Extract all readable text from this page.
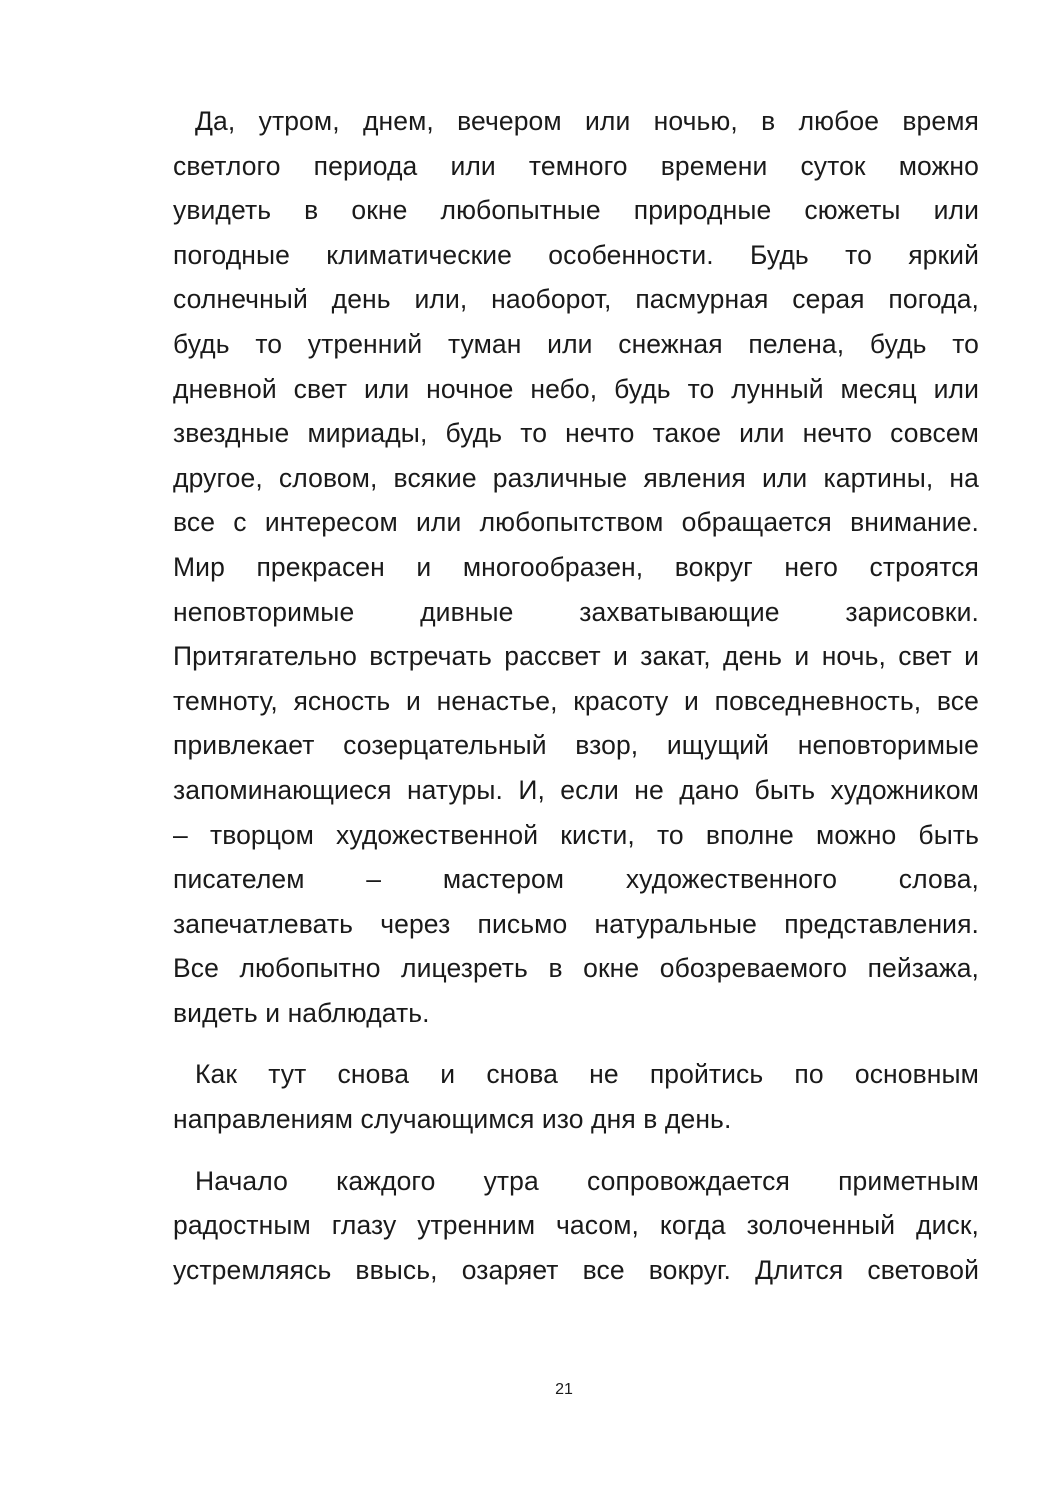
Да, утром, днем, вечером или ночью, в любое время
светлого периода или темного времени суток можно
увидеть в окне любопытные природные сюжеты или
погодные климатические особенности. Будь то яркий
солнечный день или, наоборот, пасмурная серая погода,
будь то утренний туман или снежная пелена, будь то
дневной свет или ночное небо, будь то лунный месяц или
звездные мириады, будь то нечто такое или нечто совсем
другое, словом, всякие различные явления или картины, на
все с интересом или любопытством обращается внимание.
Мир прекрасен и многообразен, вокруг него строятся
неповторимые дивные захватывающие зарисовки.
Притягательно встречать рассвет и закат, день и ночь, свет и
темноту, ясность и ненастье, красоту и повседневность, все
привлекает созерцательный взор, ищущий неповторимые
запоминающиеся натуры. И, если не дано быть художником
– творцом художественной кисти, то вполне можно быть
писателем – мастером художественного слова,
запечатлевать через письмо натуральные представления.
Все любопытно лицезреть в окне обозреваемого пейзажа,
видеть и наблюдать.
Как тут снова и снова не пройтись по основным
направлениям случающимся изо дня в день.
Начало каждого утра сопровождается приметным
радостным глазу утренним часом, когда золоченный диск,
устремляясь ввысь, озаряет все вокруг. Длится световой
21
